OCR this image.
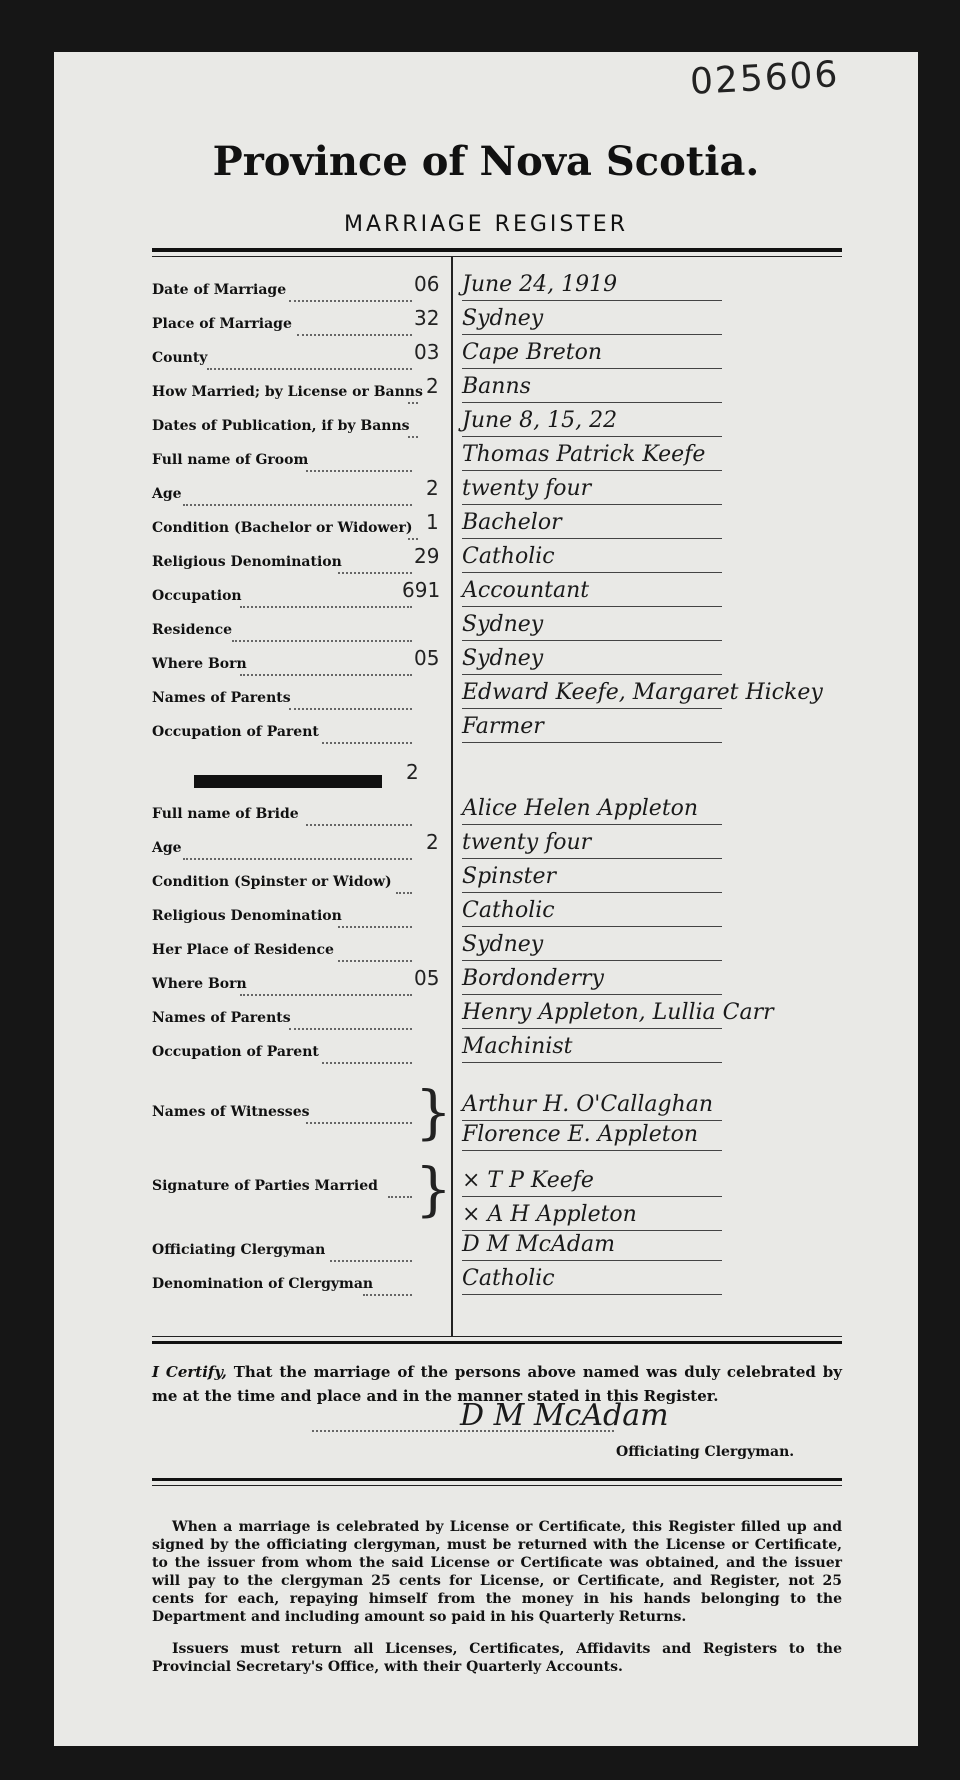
025606
Province of Nova Scotia.
MARRIAGE REGISTER
Date of Marriage	06 June 24, 1919
Place of Marriage	32 Sydney
County	03 Cape Breton
How Married; by License or Banns 2 Banns
Dates of Publication, if by Banns June 8, 15, 22
Full name of Groom	Thomas Patrick Keefe
Age	2 twenty four
Condition (Bachelor or Widower) 1 Bachelor
Religious Denomination	29 Catholic
Occupation	691 Accountant
Residence	Sydney
Where Born	05 Sydney
Names of Parents	Edward Keefe, Margaret Hickey
Occupation of Parent	Farmer
Full name of Bride	Alice Helen Appleton
Age	2 twenty four
Condition (Spinster or Widow)	Spinster
Religious Denomination	Catholic
Her Place of Residence	Sydney
Where Born	05 Bordonderry
Names of Parents	Henry Appleton, Lullia Carr
Occupation of Parent	Machinist
Names of Witnesses	Arthur H. O'Callaghan
Florence E. Appleton
Signature of Parties Married	× T P Keefe
× A H Appleton
Officiating Clergyman	D M McAdam
Denomination of Clergyman	Catholic
2
}
}
I Certify, That the marriage of the persons above named was duly celebrated by me at the time and place and in the manner stated in this Register.
D M McAdam
Officiating Clergyman.
When a marriage is celebrated by License or Certificate, this Register filled up and signed by the officiating clergyman, must be returned with the License or Certificate, to the issuer from whom the said License or Certificate was obtained, and the issuer will pay to the clergyman 25 cents for License, or Certificate, and Register, not 25 cents for each, repaying himself from the money in his hands belonging to the Department and including amount so paid in his Quarterly Returns.
Issuers must return all Licenses, Certificates, Affidavits and Registers to the Provincial Secretary's Office, with their Quarterly Accounts.
